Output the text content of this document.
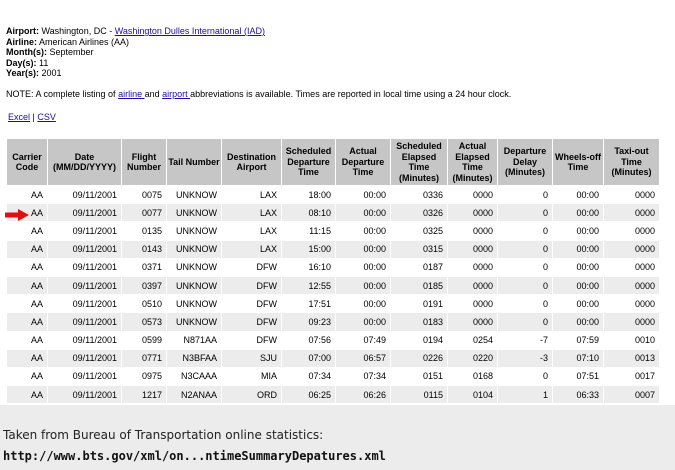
Airport: Washington, DC - Washington Dulles International (IAD)
Airline: American Airlines (AA)
Month(s): September
Day(s): 11
Year(s): 2001
NOTE: A complete listing of airline and airport abbreviations is available. Times are reported in local time using a 24 hour clock.
Excel | CSV
Carrier Code	Date (MM/DD/YYYY)	Flight Number	Tail Number	Destination Airport	Scheduled Departure Time	Actual Departure Time	Scheduled Elapsed Time (Minutes)	Actual Elapsed Time (Minutes)	Departure Delay (Minutes)	Wheels-off Time	Taxi-out Time (Minutes)
AA	09/11/2001	0075	UNKNOW	LAX	18:00	00:00	0336	0000	0	00:00	0000
AA	09/11/2001	0077	UNKNOW	LAX	08:10	00:00	0326	0000	0	00:00	0000
AA	09/11/2001	0135	UNKNOW	LAX	11:15	00:00	0325	0000	0	00:00	0000
AA	09/11/2001	0143	UNKNOW	LAX	15:00	00:00	0315	0000	0	00:00	0000
AA	09/11/2001	0371	UNKNOW	DFW	16:10	00:00	0187	0000	0	00:00	0000
AA	09/11/2001	0397	UNKNOW	DFW	12:55	00:00	0185	0000	0	00:00	0000
AA	09/11/2001	0510	UNKNOW	DFW	17:51	00:00	0191	0000	0	00:00	0000
AA	09/11/2001	0573	UNKNOW	DFW	09:23	00:00	0183	0000	0	00:00	0000
AA	09/11/2001	0599	N871AA	DFW	07:56	07:49	0194	0254	-7	07:59	0010
AA	09/11/2001	0771	N3BFAA	SJU	07:00	06:57	0226	0220	-3	07:10	0013
AA	09/11/2001	0975	N3CAAA	MIA	07:34	07:34	0151	0168	0	07:51	0017
AA	09/11/2001	1217	N2ANAA	ORD	06:25	06:26	0115	0104	1	06:33	0007
Taken from Bureau of Transportation online statistics:
http://www.bts.gov/xml/on...ntimeSummaryDepatures.xml
